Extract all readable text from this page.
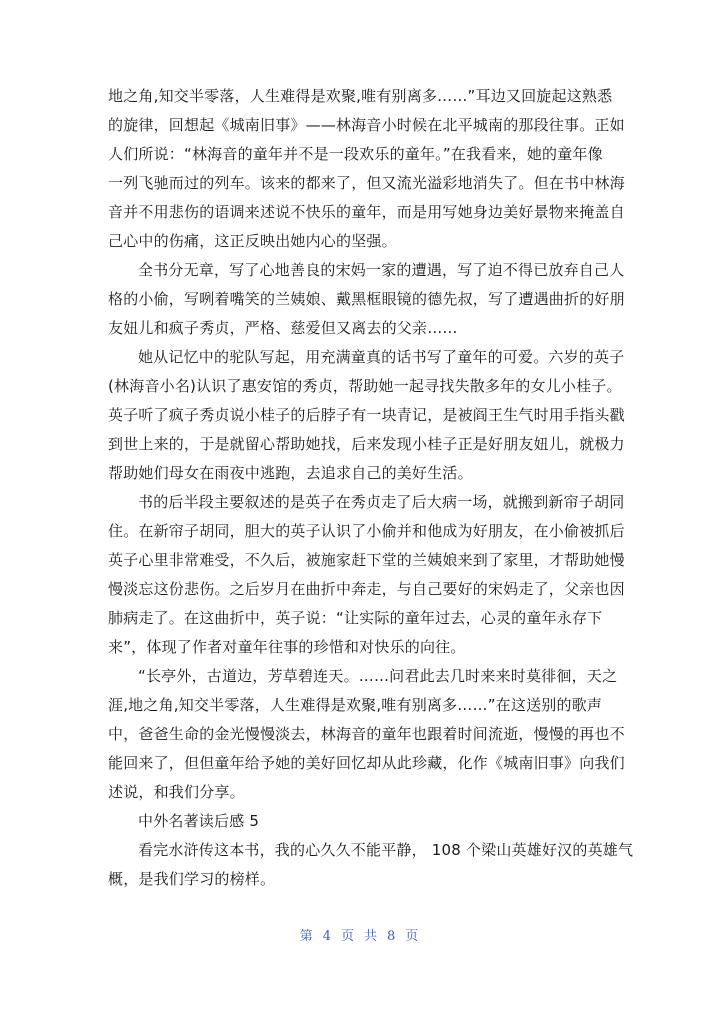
地之角,知交半零落，人生难得是欢聚,唯有别离多……”耳边又回旋起这熟悉
的旋律，回想起《城南旧事》——林海音小时候在北平城南的那段往事。正如
人们所说：“林海音的童年并不是一段欢乐的童年。”在我看来，她的童年像
一列飞驰而过的列车。该来的都来了，但又流光溢彩地消失了。但在书中林海
音并不用悲伤的语调来述说不快乐的童年，而是用写她身边美好景物来掩盖自
己心中的伤痛，这正反映出她内心的坚强。
全书分无章，写了心地善良的宋妈一家的遭遇，写了迫不得已放弃自己人
格的小偷，写咧着嘴笑的兰姨娘、戴黑框眼镜的德先叔，写了遭遇曲折的好朋
友妞儿和疯子秀贞，严格、慈爱但又离去的父亲……
她从记忆中的驼队写起，用充满童真的话书写了童年的可爱。六岁的英子
(林海音小名)认识了惠安馆的秀贞，帮助她一起寻找失散多年的女儿小桂子。
英子听了疯子秀贞说小桂子的后脖子有一块青记，是被阎王生气时用手指头戳
到世上来的，于是就留心帮助她找，后来发现小桂子正是好朋友妞儿，就极力
帮助她们母女在雨夜中逃跑，去追求自己的美好生活。
书的后半段主要叙述的是英子在秀贞走了后大病一场，就搬到新帘子胡同
住。在新帘子胡同，胆大的英子认识了小偷并和他成为好朋友，在小偷被抓后
英子心里非常难受，不久后，被施家赶下堂的兰姨娘来到了家里，才帮助她慢
慢淡忘这份悲伤。之后岁月在曲折中奔走，与自己要好的宋妈走了，父亲也因
肺病走了。在这曲折中，英子说：“让实际的童年过去，心灵的童年永存下
来”，体现了作者对童年往事的珍惜和对快乐的向往。
“长亭外，古道边，芳草碧连天。……问君此去几时来来时莫徘徊，天之
涯,地之角,知交半零落，人生难得是欢聚,唯有别离多……”在这送别的歌声
中，爸爸生命的金光慢慢淡去，林海音的童年也跟着时间流逝，慢慢的再也不
能回来了，但但童年给予她的美好回忆却从此珍藏，化作《城南旧事》向我们
述说，和我们分享。
中外名著读后感 5
看完水浒传这本书，我的心久久不能平静， 108 个梁山英雄好汉的英雄气
概，是我们学习的榜样。
第 4 页 共 8 页
